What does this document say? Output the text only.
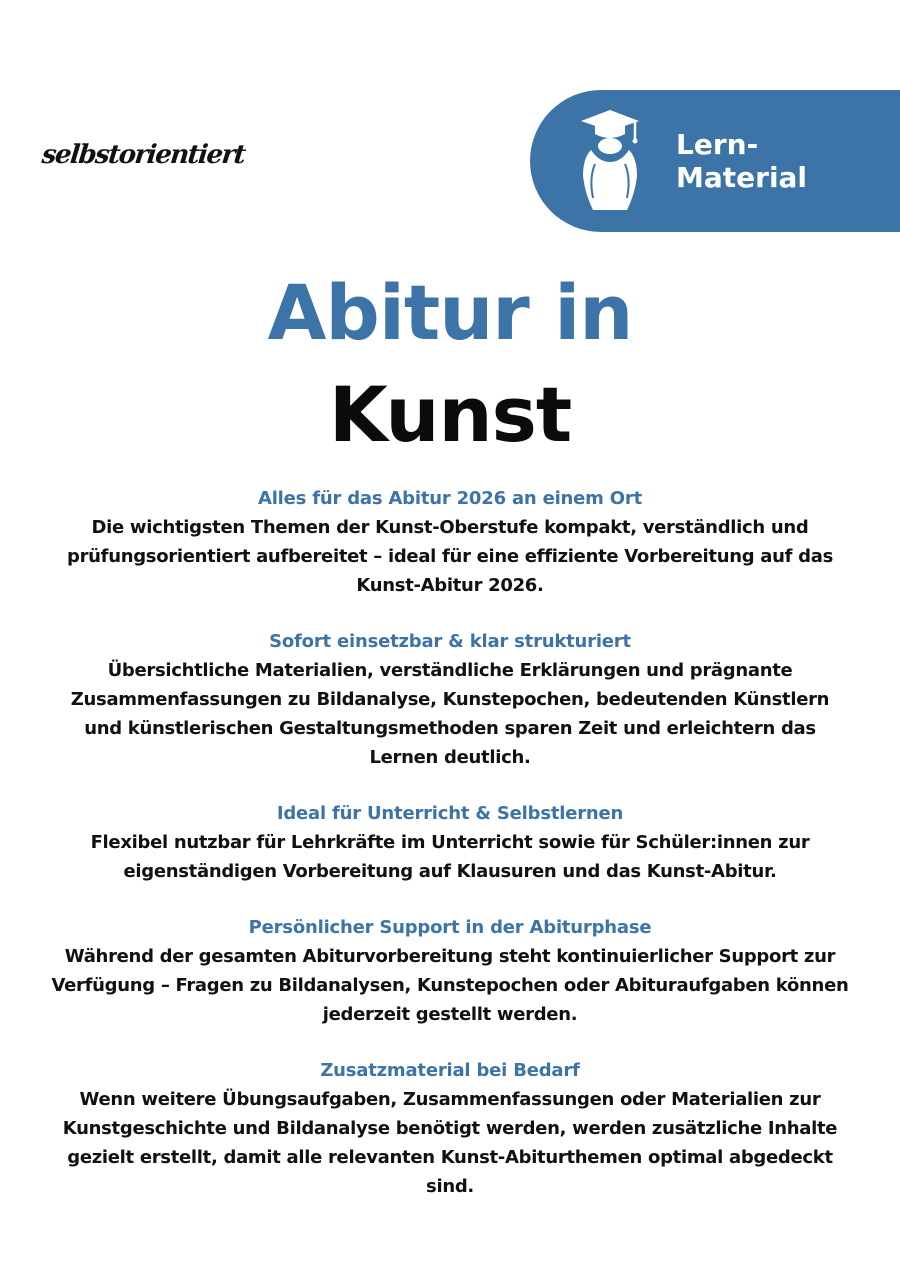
selbstorientiert	Lern-
Material
Abitur in
Kunst
Alles für das Abitur 2026 an einem Ort
Die wichtigsten Themen der Kunst-Oberstufe kompakt, verständlich und prüfungsorientiert aufbereitet – ideal für eine effiziente Vorbereitung auf das Kunst-Abitur 2026.
Sofort einsetzbar & klar strukturiert
Übersichtliche Materialien, verständliche Erklärungen und prägnante Zusammenfassungen zu Bildanalyse, Kunstepochen, bedeutenden Künstlern und künstlerischen Gestaltungsmethoden sparen Zeit und erleichtern das Lernen deutlich.
Ideal für Unterricht & Selbstlernen
Flexibel nutzbar für Lehrkräfte im Unterricht sowie für Schüler:innen zur eigenständigen Vorbereitung auf Klausuren und das Kunst-Abitur.
Persönlicher Support in der Abiturphase
Während der gesamten Abiturvorbereitung steht kontinuierlicher Support zur Verfügung – Fragen zu Bildanalysen, Kunstepochen oder Abituraufgaben können jederzeit gestellt werden.
Zusatzmaterial bei Bedarf
Wenn weitere Übungsaufgaben, Zusammenfassungen oder Materialien zur Kunstgeschichte und Bildanalyse benötigt werden, werden zusätzliche Inhalte gezielt erstellt, damit alle relevanten Kunst-Abiturthemen optimal abgedeckt sind.
